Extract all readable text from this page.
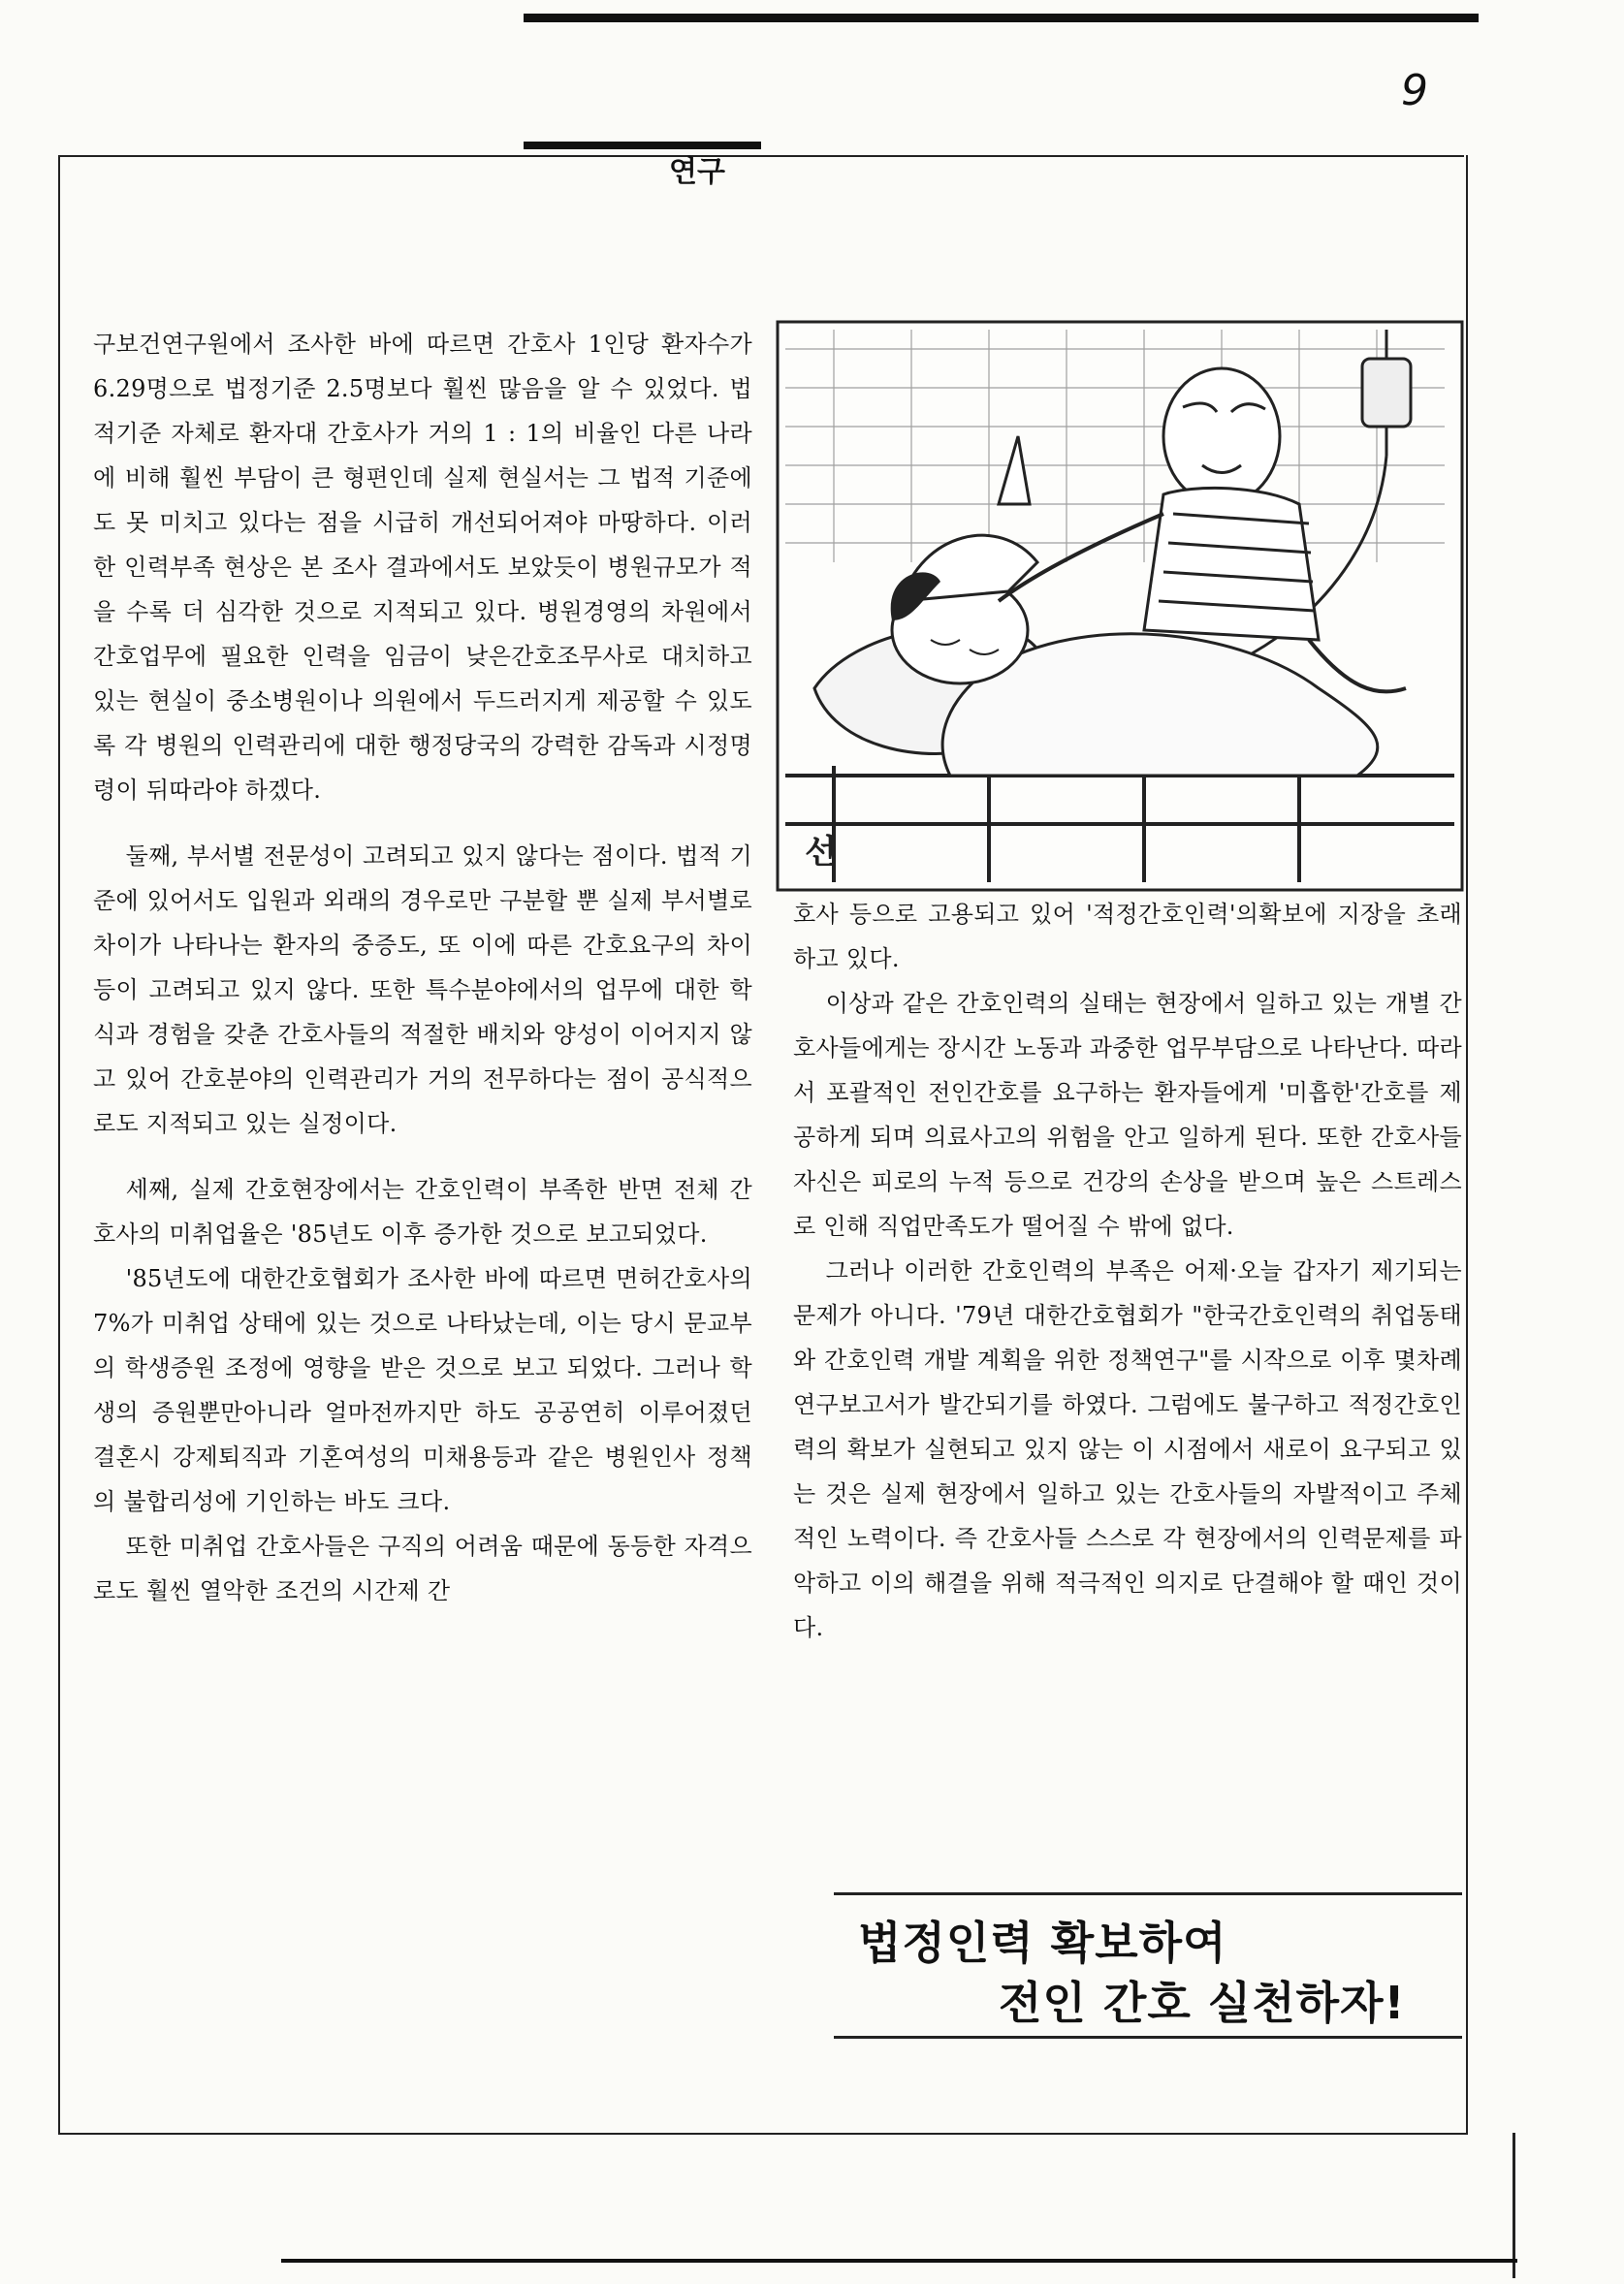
9
연구

구보건연구원에서 조사한 바에 따르면 간호사 1인당 환자수가 6.29명으로 법정기준 2.5명보다 훨씬 많음을 알 수 있었다. 법적기준 자체로 환자대 간호사가 거의 1 : 1의 비율인 다른 나라에 비해 훨씬 부담이 큰 형편인데 실제 현실서는 그 법적 기준에도 못 미치고 있다는 점을 시급히 개선되어져야 마땅하다. 이러한 인력부족 현상은 본 조사 결과에서도 보았듯이 병원규모가 적을 수록 더 심각한 것으로 지적되고 있다. 병원경영의 차원에서 간호업무에 필요한 인력을 임금이 낮은간호조무사로 대치하고 있는 현실이 중소병원이나 의원에서 두드러지게 제공할 수 있도록 각 병원의 인력관리에 대한 행정당국의 강력한 감독과 시정명령이 뒤따라야 하겠다.

둘째, 부서별 전문성이 고려되고 있지 않다는 점이다. 법적 기준에 있어서도 입원과 외래의 경우로만 구분할 뿐 실제 부서별로 차이가 나타나는 환자의 중증도, 또 이에 따른 간호요구의 차이등이 고려되고 있지 않다. 또한 특수분야에서의 업무에 대한 학식과 경험을 갖춘 간호사들의 적절한 배치와 양성이 이어지지 않고 있어 간호분야의 인력관리가 거의 전무하다는 점이 공식적으로도 지적되고 있는 실정이다.

세째, 실제 간호현장에서는 간호인력이 부족한 반면 전체 간호사의 미취업율은 '85년도 이후 증가한 것으로 보고되었다.

'85년도에 대한간호협회가 조사한 바에 따르면 면허간호사의 7%가 미취업 상태에 있는 것으로 나타났는데, 이는 당시 문교부의 학생증원 조정에 영향을 받은 것으로 보고 되었다. 그러나 학생의 증원뿐만아니라 얼마전까지만 하도 공공연히 이루어졌던 결혼시 강제퇴직과 기혼여성의 미채용등과 같은 병원인사 정책의 불합리성에 기인하는 바도 크다.

또한 미취업 간호사들은 구직의 어려움 때문에 동등한 자격으로도 훨씬 열악한 조건의 시간제 간

선

호사 등으로 고용되고 있어 '적정간호인력'의확보에 지장을 초래하고 있다.

이상과 같은 간호인력의 실태는 현장에서 일하고 있는 개별 간호사들에게는 장시간 노동과 과중한 업무부담으로 나타난다. 따라서 포괄적인 전인간호를 요구하는 환자들에게 '미흡한'간호를 제공하게 되며 의료사고의 위험을 안고 일하게 된다. 또한 간호사들 자신은 피로의 누적 등으로 건강의 손상을 받으며 높은 스트레스로 인해 직업만족도가 떨어질 수 밖에 없다.

그러나 이러한 간호인력의 부족은 어제·오늘 갑자기 제기되는 문제가 아니다. '79년 대한간호협회가 "한국간호인력의 취업동태와 간호인력 개발 계획을 위한 정책연구"를 시작으로 이후 몇차례 연구보고서가 발간되기를 하였다. 그럼에도 불구하고 적정간호인력의 확보가 실현되고 있지 않는 이 시점에서 새로이 요구되고 있는 것은 실제 현장에서 일하고 있는 간호사들의 자발적이고 주체적인 노력이다. 즉 간호사들 스스로 각 현장에서의 인력문제를 파악하고 이의 해결을 위해 적극적인 의지로 단결해야 할 때인 것이다.

법정인력 확보하여
전인 간호 실천하자!
